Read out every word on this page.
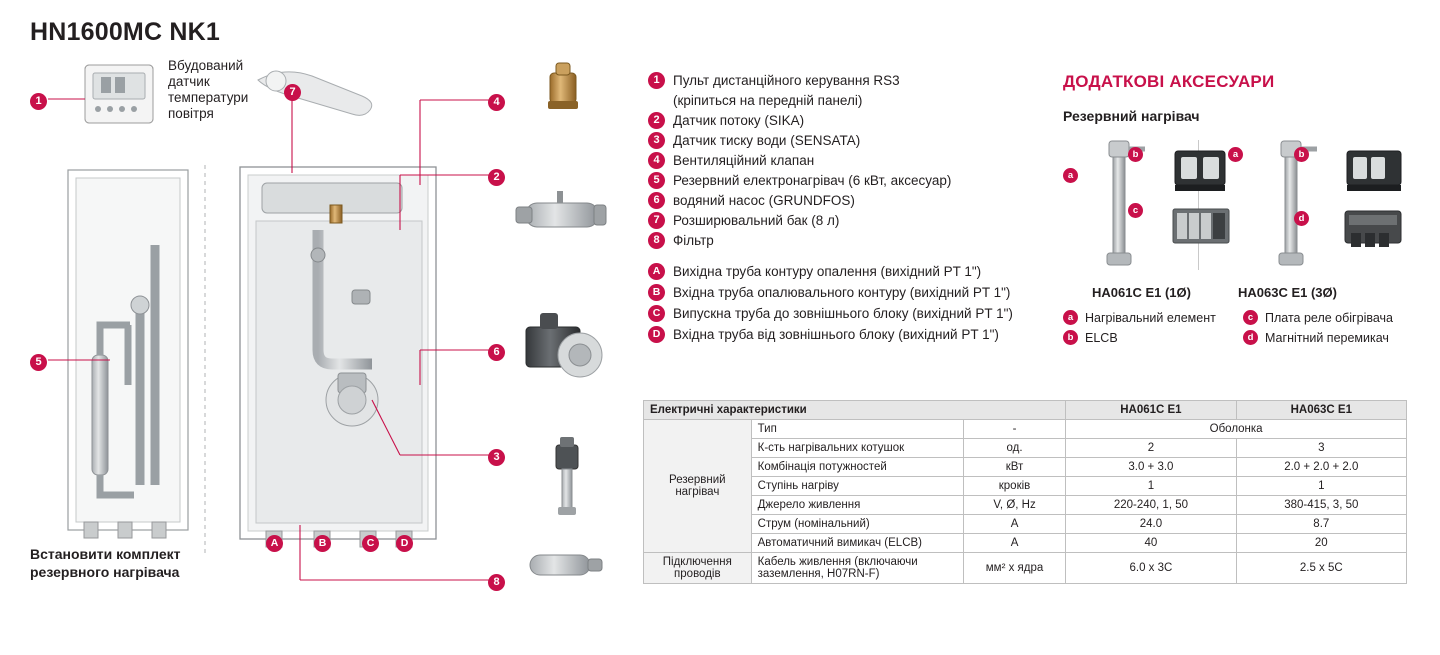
HN1600MC NK1
1
7
4
2
5
6
3
8
A	B	C	D
Вбудований датчик температури повітря
Встановити комплект резервного нагрівача
1 Пульт дистанційного керування RS3
(кріпиться на передній панелі)
2 Датчик потоку (SIKA)
3 Датчик тиску води (SENSATA)
4 Вентиляційний клапан
5 Резервний електронагрівач (6 кВт, аксесуар)
6 водяний насос (GRUNDFOS)
7 Розширювальний бак (8 л)
8 Фільтр
A Вихідна труба контуру опалення (вихідний PT 1")
B Вхідна труба опалювального контуру (вихідний PT 1")
C Випускна труба до зовнішнього блоку (вихідний PT 1")
D Вхідна труба від зовнішнього блоку (вихідний PT 1")
ДОДАТКОВІ АКСЕСУАРИ
Резервний нагрівач
a
b
c
a	b
d
HA061C E1 (1Ø)	HA063C E1 (3Ø)
a Нагрівальний елемент	c Плата реле обігрівача
b ELCB	d Магнітний перемикач
Електричні характеристики			HA061C E1	HA063C E1
Резервний нагрівач	Тип	-	Оболонка	
	К-сть нагрівальних котушок	од.	2	3
	Комбінація потужностей	кВт	3.0 + 3.0	2.0 + 2.0 + 2.0
	Ступінь нагріву	кроків	1	1
	Джерело живлення	V, Ø, Hz	220-240, 1, 50	380-415, 3, 50
	Струм (номінальний)	A	24.0	8.7
	Автоматичний вимикач (ELCB)	A	40	20
Підключення проводів	Кабель живлення (включаючи заземлення, H07RN-F)	мм² x ядра	6.0 x 3C	2.5 x 5C
